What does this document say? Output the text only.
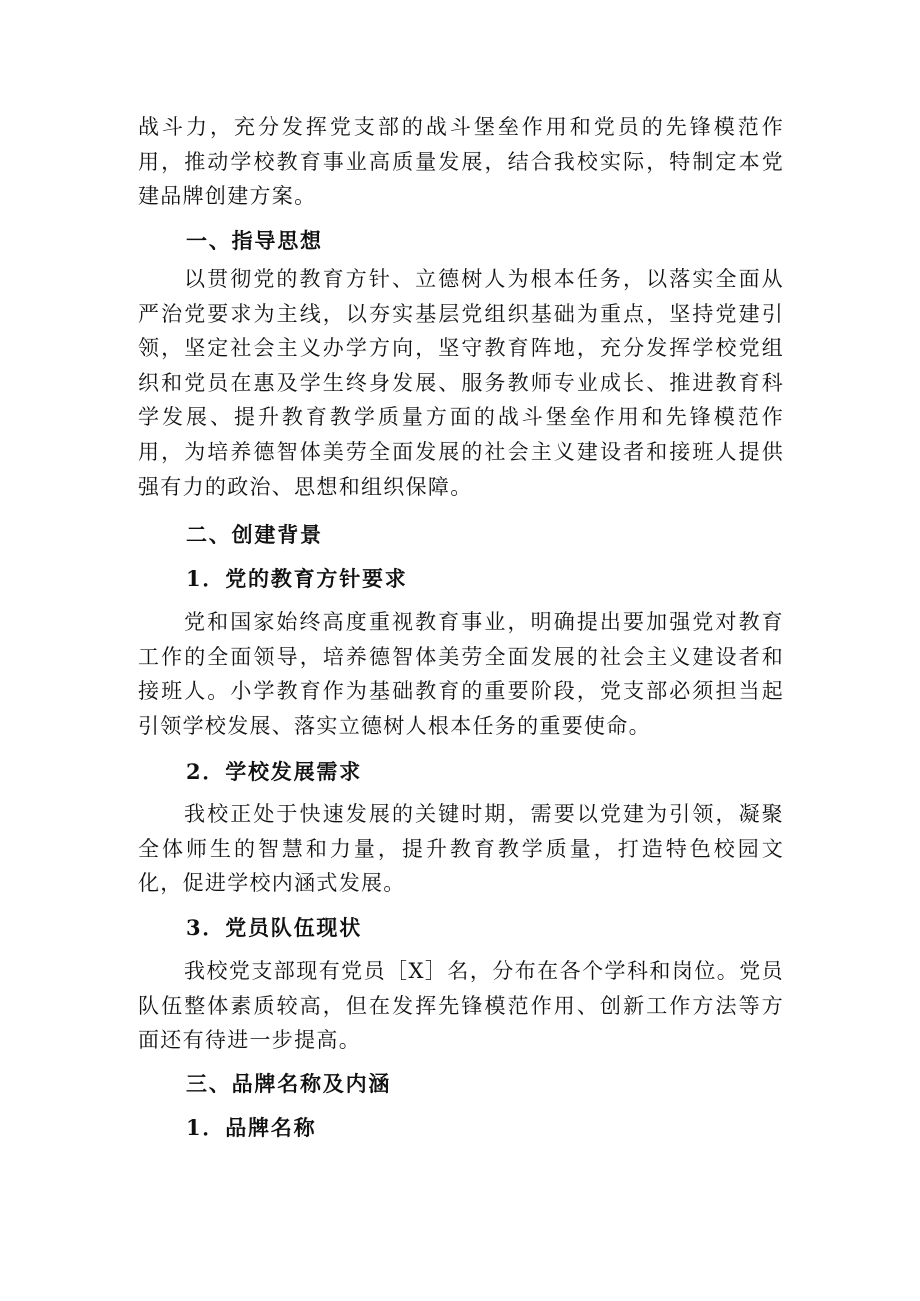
战斗力，充分发挥党支部的战斗堡垒作用和党员的先锋模范作用，推动学校教育事业高质量发展，结合我校实际，特制定本党建品牌创建方案。

一、指导思想

以贯彻党的教育方针、立德树人为根本任务，以落实全面从严治党要求为主线，以夯实基层党组织基础为重点，坚持党建引领，坚定社会主义办学方向，坚守教育阵地，充分发挥学校党组织和党员在惠及学生终身发展、服务教师专业成长、推进教育科学发展、提升教育教学质量方面的战斗堡垒作用和先锋模范作用，为培养德智体美劳全面发展的社会主义建设者和接班人提供强有力的政治、思想和组织保障。

二、创建背景
1．党的教育方针要求

党和国家始终高度重视教育事业，明确提出要加强党对教育工作的全面领导，培养德智体美劳全面发展的社会主义建设者和接班人。小学教育作为基础教育的重要阶段，党支部必须担当起引领学校发展、落实立德树人根本任务的重要使命。

2．学校发展需求

我校正处于快速发展的关键时期，需要以党建为引领，凝聚全体师生的智慧和力量，提升教育教学质量，打造特色校园文化，促进学校内涵式发展。

3．党员队伍现状

我校党支部现有党员［X］名，分布在各个学科和岗位。党员队伍整体素质较高，但在发挥先锋模范作用、创新工作方法等方面还有待进一步提高。

三、品牌名称及内涵
1．品牌名称
